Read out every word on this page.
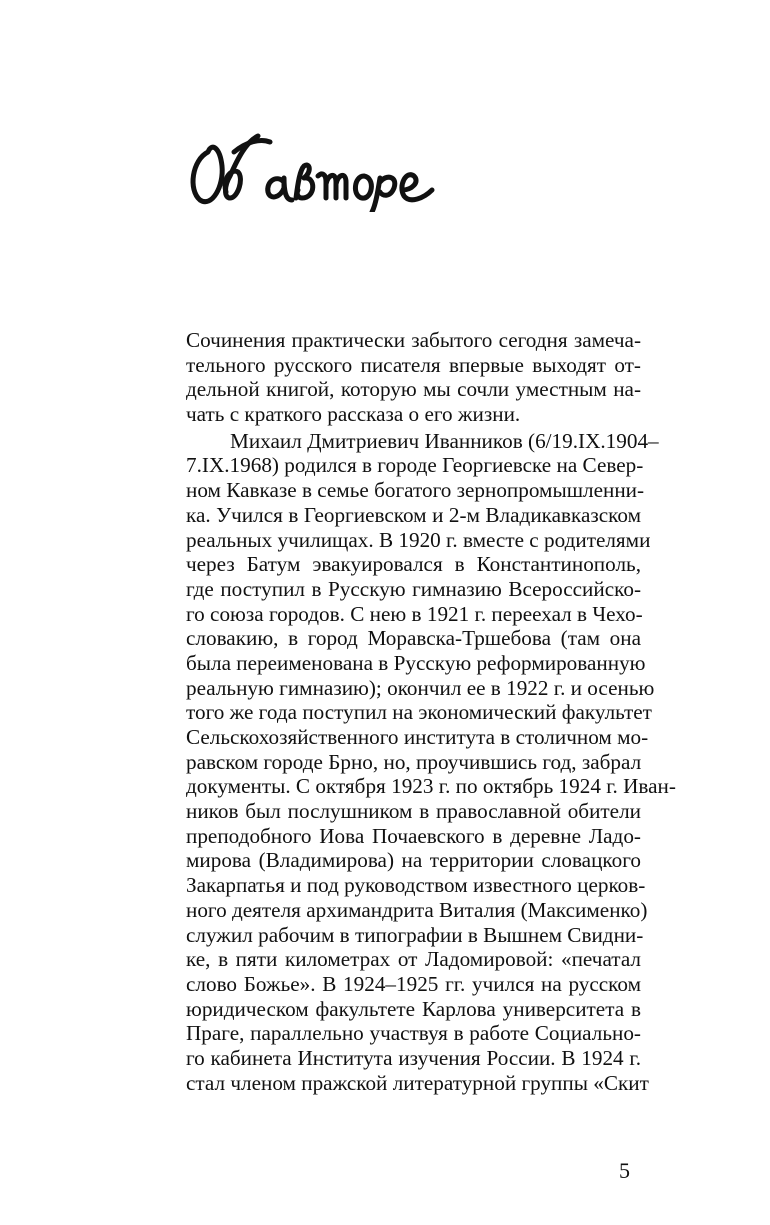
Сочинения практически забытого сегодня замеча-
тельного русского писателя впервые выходят от-
дельной книгой, которую мы сочли уместным на-
чать с краткого рассказа о его жизни.
Михаил Дмитриевич Иванников (6/19.IX.1904–
7.IX.1968) родился в городе Георгиевске на Север-
ном Кавказе в семье богатого зернопромышленни-
ка. Учился в Георгиевском и 2-м Владикавказском
реальных училищах. В 1920 г. вместе с родителями
через Батум эвакуировался в Константинополь,
где поступил в Русскую гимназию Всероссийско-
го союза городов. С нею в 1921 г. переехал в Чехо-
словакию, в город Моравска-Тршебова (там она
была переименована в Русскую реформированную
реальную гимназию); окончил ее в 1922 г. и осенью
того же года поступил на экономический факультет
Сельскохозяйственного института в столичном мо-
равском городе Брно, но, проучившись год, забрал
документы. С октября 1923 г. по октябрь 1924 г. Иван-
ников был послушником в православной обители
преподобного Иова Почаевского в деревне Ладо-
мирова (Владимирова) на территории словацкого
Закарпатья и под руководством известного церков-
ного деятеля архимандрита Виталия (Максименко)
служил рабочим в типографии в Вышнем Свидни-
ке, в пяти километрах от Ладомировой: «печатал
слово Божье». В 1924–1925 гг. учился на русском
юридическом факультете Карлова университета в
Праге, параллельно участвуя в работе Социально-
го кабинета Института изучения России. В 1924 г.
стал членом пражской литературной группы «Скит
5
